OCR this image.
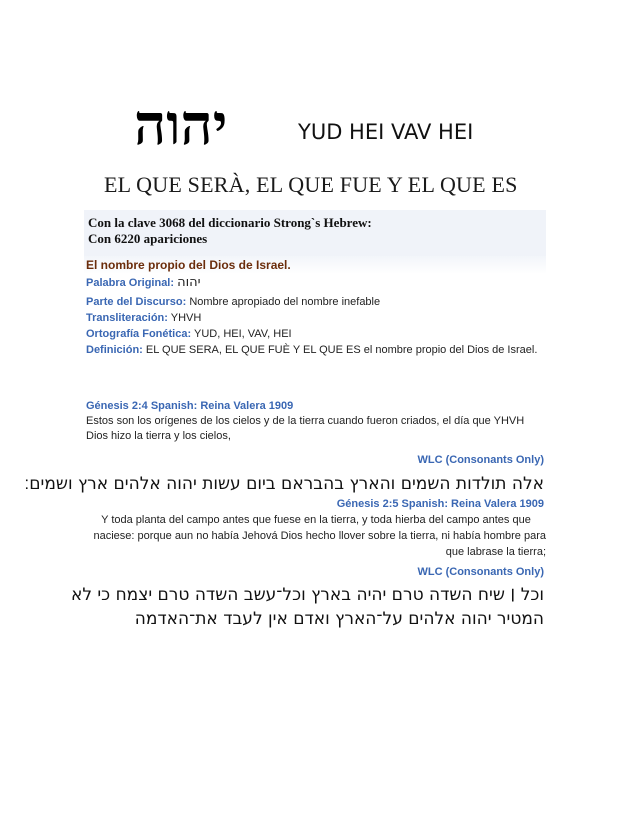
יהוה	YUD HEI VAV HEI
EL QUE SERÀ, EL QUE FUE Y EL QUE ES
Con la clave 3068 del diccionario Strong`s Hebrew:
Con 6220 apariciones
El nombre propio del Dios de Israel.
Palabra Original: יהוה
Parte del Discurso: Nombre apropiado del nombre inefable
Transliteración: YHVH
Ortografía Fonética: YUD, HEI, VAV, HEI
Definición: EL QUE SERA, EL QUE FUÈ Y EL QUE ES el nombre propio del Dios de Israel.
Génesis 2:4 Spanish: Reina Valera 1909
Estos son los orígenes de los cielos y de la tierra cuando fueron criados, el día que YHVH
Dios hizo la tierra y los cielos,
WLC (Consonants Only)
אלה תולדות השמים והארץ בהבראם ביום עשות יהוה אלהים ארץ ושמים׃
Génesis 2:5 Spanish: Reina Valera 1909
Y toda planta del campo antes que fuese en la tierra, y toda hierba del campo antes que
naciese: porque aun no había Jehová Dios hecho llover sobre la tierra, ni había hombre para
que labrase la tierra;
WLC (Consonants Only)
וכל ׀ שיח השדה טרם יהיה בארץ וכל־עשב השדה טרם יצמח כי לא
המטיר יהוה אלהים על־הארץ ואדם אין לעבד את־האדמה
